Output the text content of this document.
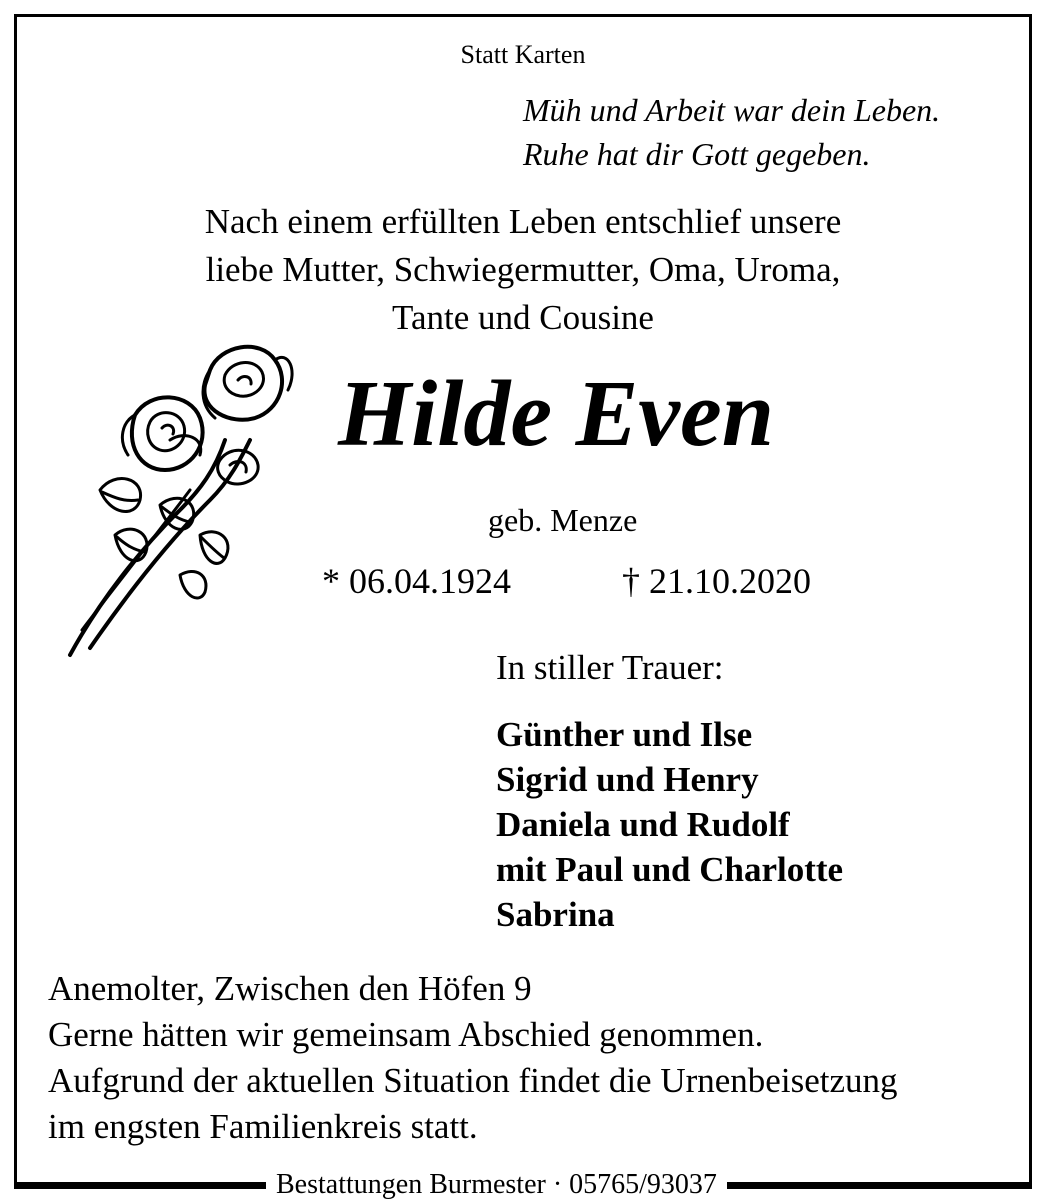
Statt Karten
Müh und Arbeit war dein Leben.
Ruhe hat dir Gott gegeben.
Nach einem erfüllten Leben entschlief unsere
liebe Mutter, Schwiegermutter, Oma, Uroma,
Tante und Cousine
Hilde Even
geb. Menze
* 06.04.1924	† 21.10.2020
In stiller Trauer:
Günther und Ilse
Sigrid und Henry
Daniela und Rudolf
mit Paul und Charlotte
Sabrina
Anemolter, Zwischen den Höfen 9
Gerne hätten wir gemeinsam Abschied genommen.
Aufgrund der aktuellen Situation findet die Urnenbeisetzung
im engsten Familienkreis statt.
Bestattungen Burmester · 05765/93037
